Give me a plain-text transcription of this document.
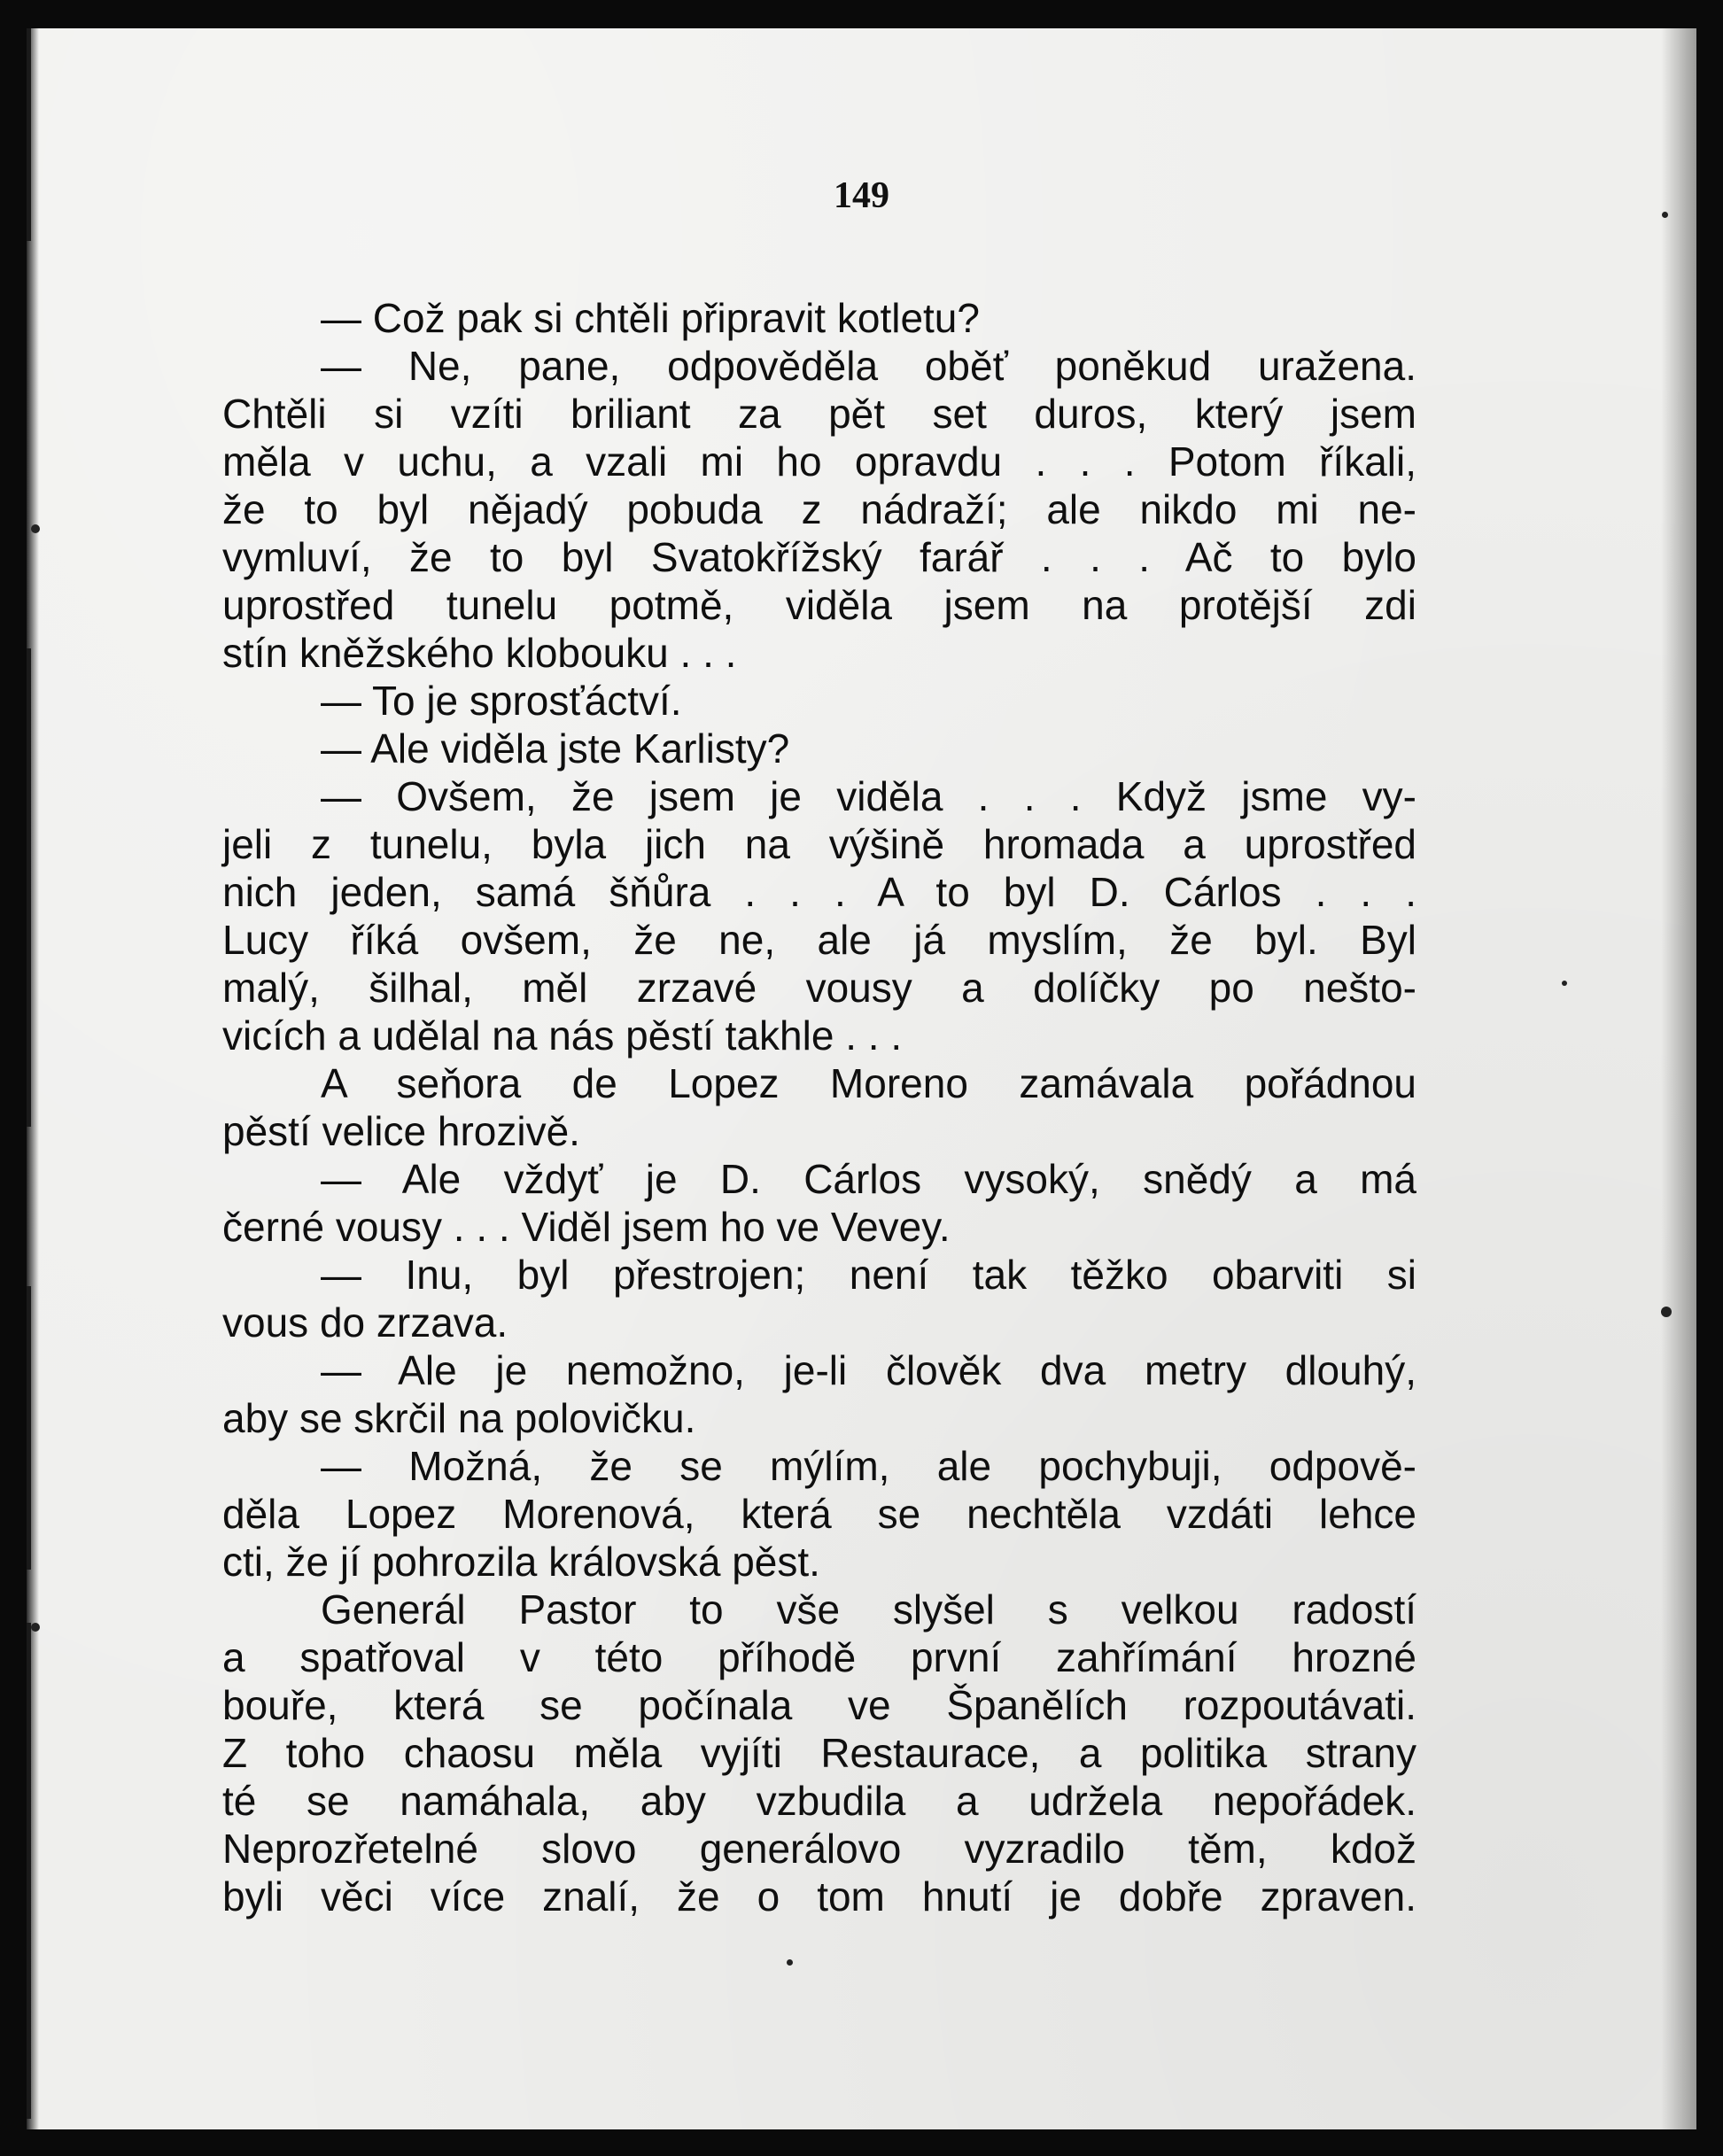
149
— Což pak si chtěli připravit kotletu?
— Ne, pane, odpověděla oběť poněkud uražena.
Chtěli si vzíti briliant za pět set duros, který jsem
měla v uchu, a vzali mi ho opravdu . . . Potom říkali,
že to byl nějadý pobuda z nádraží; ale nikdo mi ne-
vymluví, že to byl Svatokřížský farář . . . Ač to bylo
uprostřed tunelu potmě, viděla jsem na protější zdi
stín kněžského klobouku . . .
— To je sprosťáctví.
— Ale viděla jste Karlisty?
— Ovšem, že jsem je viděla . . . Když jsme vy-
jeli z tunelu, byla jich na výšině hromada a uprostřed
nich jeden, samá šňůra . . . A to byl D. Cárlos . . .
Lucy říká ovšem, že ne, ale já myslím, že byl. Byl
malý, šilhal, měl zrzavé vousy a dolíčky po nešto-
vicích a udělal na nás pěstí takhle . . .
A seňora de Lopez Moreno zamávala pořádnou
pěstí velice hrozivě.
— Ale vždyť je D. Cárlos vysoký, snědý a má
černé vousy . . . Viděl jsem ho ve Vevey.
— Inu, byl přestrojen; není tak těžko obarviti si
vous do zrzava.
— Ale je nemožno, je-li člověk dva metry dlouhý,
aby se skrčil na polovičku.
— Možná, že se mýlím, ale pochybuji, odpově-
děla Lopez Morenová, která se nechtěla vzdáti lehce
cti, že jí pohrozila královská pěst.
Generál Pastor to vše slyšel s velkou radostí
a spatřoval v této příhodě první zahřímání hrozné
bouře, která se počínala ve Španělích rozpoutávati.
Z toho chaosu měla vyjíti Restaurace, a politika strany
té se namáhala, aby vzbudila a udržela nepořádek.
Neprozřetelné slovo generálovo vyzradilo těm, kdož
byli věci více znalí, že o tom hnutí je dobře zpraven.
